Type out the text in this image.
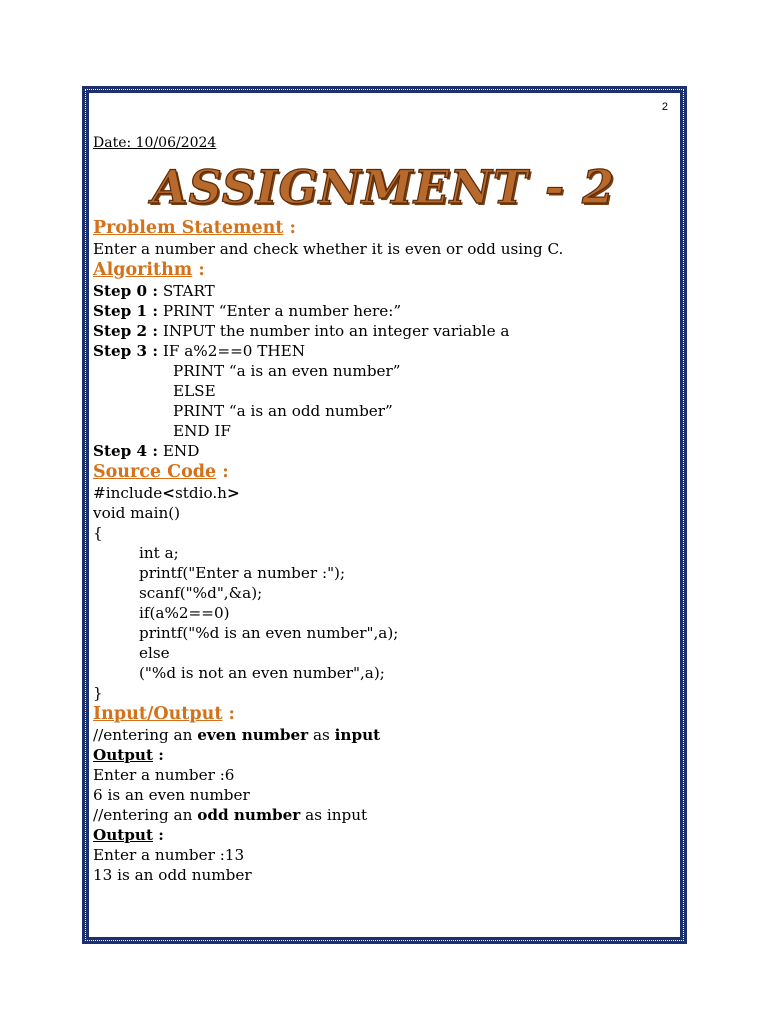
2
Date: 10/06/2024
ASSIGNMENT - 2
Problem Statement :
Enter a number and check whether it is even or odd using C.
Algorithm :
Step 0 : START
Step 1 : PRINT “Enter a number here:”
Step 2 : INPUT the number into an integer variable a
Step 3 : IF a%2==0 THEN
PRINT “a is an even number”
ELSE
PRINT “a is an odd number”
END IF
Step 4 : END
Source Code :
#include<stdio.h>
void main()
{
int a;
printf("Enter a number :");
scanf("%d",&a);
if(a%2==0)
printf("%d is an even number",a);
else
("%d is not an even number",a);
}
Input/Output :
//entering an even number as input
Output :
Enter a number :6
6 is an even number
//entering an odd number as input
Output :
Enter a number :13
13 is an odd number
